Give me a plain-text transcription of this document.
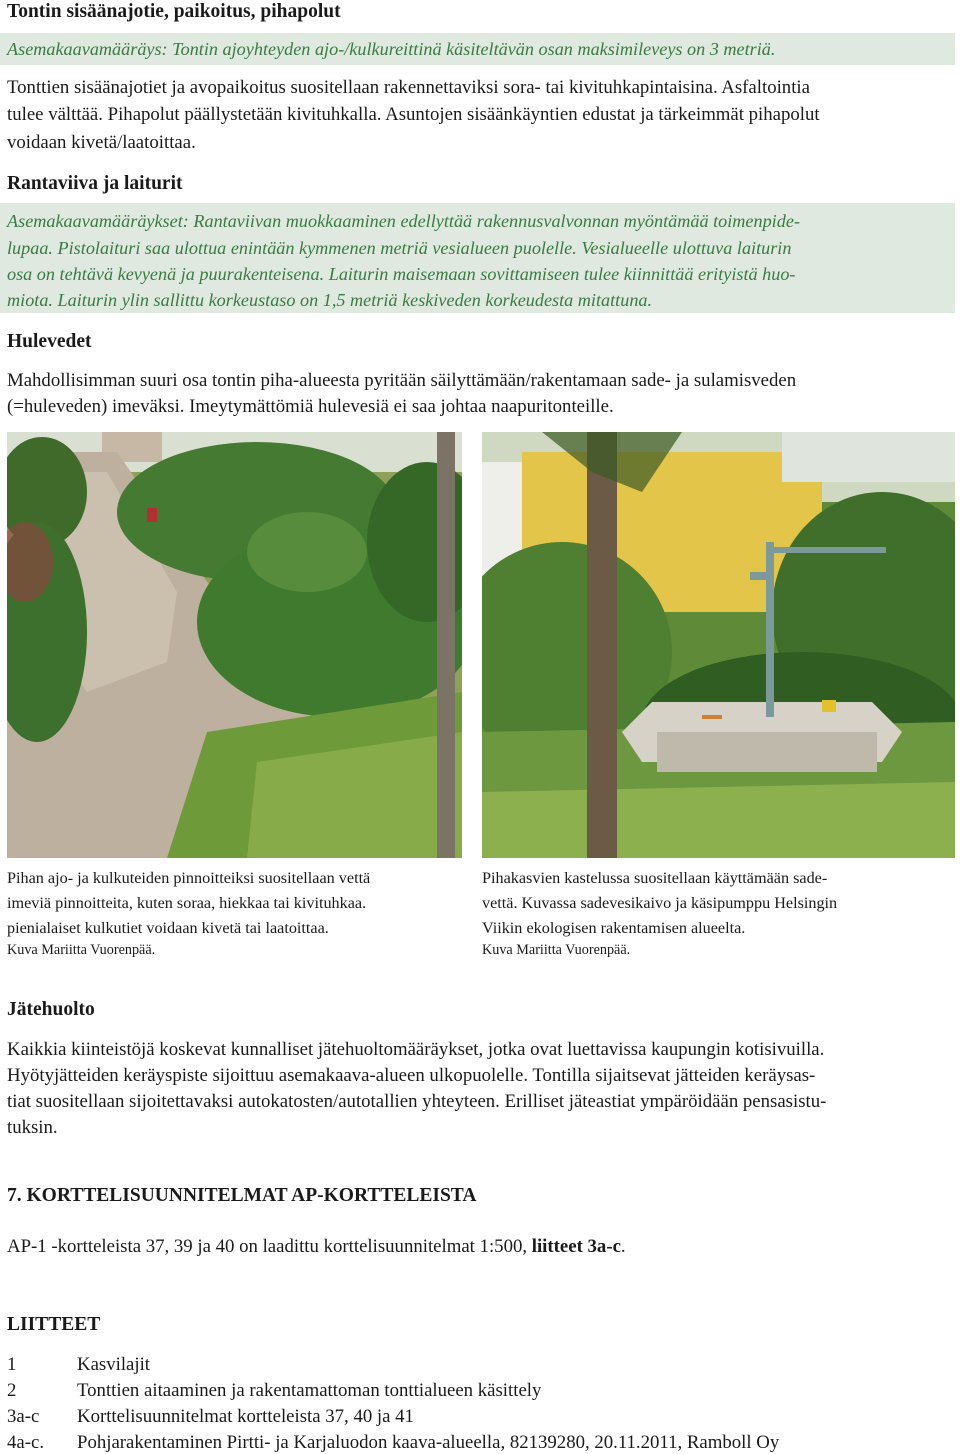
Tontin sisäänajotie, paikoitus, pihapolut
Asemakaavamääräys: Tontin ajoyhteyden ajo-/kulkureittinä käsiteltävän osan maksimileveys on 3 metriä.
Tonttien sisäänajotiet ja avopaikoitus suositellaan rakennettaviksi sora- tai kivituhkapintaisina. Asfaltointia
tulee välttää. Pihapolut päällystetään kivituhkalla. Asuntojen sisäänkäyntien edustat ja tärkeimmät pihapolut
voidaan kivetä/laatoittaa.
Rantaviiva ja laiturit
Asemakaavamääräykset: Rantaviivan muokkaaminen edellyttää rakennusvalvonnan myöntämää toimenpide-
lupaa. Pistolaituri saa ulottua enintään kymmenen metriä vesialueen puolelle. Vesialueelle ulottuva laiturin
osa on tehtävä kevyenä ja puurakenteisena. Laiturin maisemaan sovittamiseen tulee kiinnittää erityistä huo-
miota. Laiturin ylin sallittu korkeustaso on 1,5 metriä keskiveden korkeudesta mitattuna.
Hulevedet
Mahdollisimman suuri osa tontin piha-alueesta pyritään säilyttämään/rakentamaan sade- ja sulamisveden
(=huleveden) imeväksi. Imeytymättömiä hulevesiä ei saa johtaa naapuritonteille.
Pihan ajo- ja kulkuteiden pinnoitteiksi suositellaan vettä
imeviä pinnoitteita, kuten soraa, hiekkaa tai kivituhkaa.
pienialaiset kulkutiet voidaan kivetä tai laatoittaa.
Kuva Mariitta Vuorenpää.
Pihakasvien kastelussa suositellaan käyttämään sade-
vettä. Kuvassa sadevesikaivo ja käsipumppu Helsingin
Viikin ekologisen rakentamisen alueelta.
Kuva Mariitta Vuorenpää.
Jätehuolto
Kaikkia kiinteistöjä koskevat kunnalliset jätehuoltomääräykset, jotka ovat luettavissa kaupungin kotisivuilla.
Hyötyjätteiden keräyspiste sijoittuu asemakaava-alueen ulkopuolelle. Tontilla sijaitsevat jätteiden keräysas-
tiat suositellaan sijoitettavaksi autokatosten/autotallien yhteyteen. Erilliset jäteastiat ympäröidään pensasistu-
tuksin.
7. KORTTELISUUNNITELMAT AP-KORTTELEISTA
AP-1 -kortteleista 37, 39 ja 40 on laadittu korttelisuunnitelmat 1:500, liitteet 3a-c.
LIITTEET
1	Kasvilajit
2	Tonttien aitaaminen ja rakentamattoman tonttialueen käsittely
3a-c Korttelisuunnitelmat kortteleista 37, 40 ja 41
4a-c. Pohjarakentaminen Pirtti- ja Karjaluodon kaava-alueella, 82139280, 20.11.2011, Ramboll Oy
